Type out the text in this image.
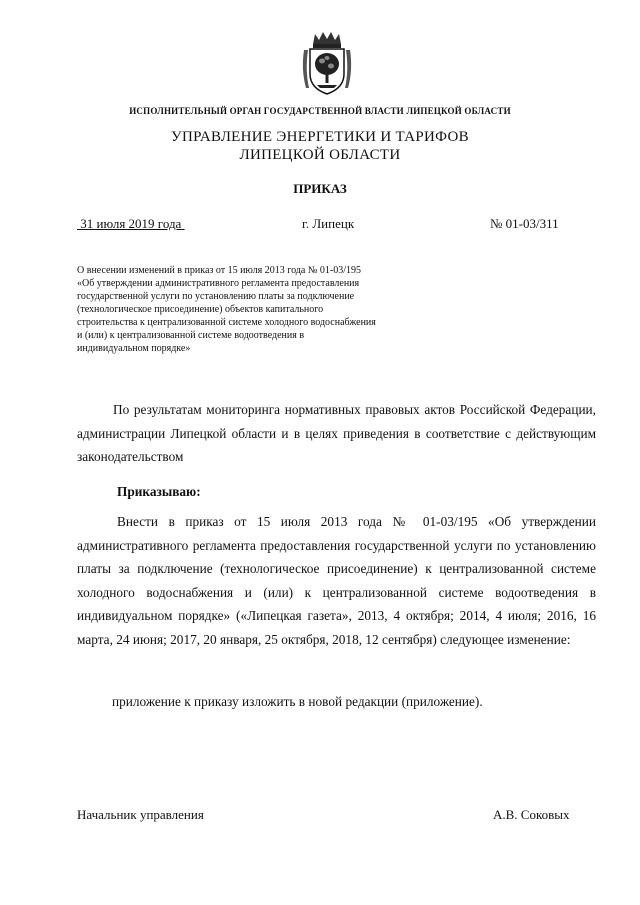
ИСПОЛНИТЕЛЬНЫЙ ОРГАН ГОСУДАРСТВЕННОЙ ВЛАСТИ ЛИПЕЦКОЙ ОБЛАСТИ
УПРАВЛЕНИЕ ЭНЕРГЕТИКИ И ТАРИФОВ
ЛИПЕЦКОЙ ОБЛАСТИ
ПРИКАЗ
31 июля 2019 года	г. Липецк	№ 01-03/311
О внесении изменений в приказ от 15 июля 2013 года № 01-03/195 «Об утверждении административного регламента предоставления государственной услуги по установлению платы за подключение (технологическое присоединение) объектов капитального строительства к централизованной системе холодного водоснабжения и (или) к централизованной системе водоотведения в индивидуальном порядке»
По результатам мониторинга нормативных правовых актов Российской Федерации, администрации Липецкой области и в целях приведения в соответствие с действующим законодательством
Приказываю:
Внести в приказ от 15 июля 2013 года № 01-03/195 «Об утверждении административного регламента предоставления государственной услуги по установлению платы за подключение (технологическое присоединение) к централизованной системе холодного водоснабжения и (или) к централизованной системе водоотведения в индивидуальном порядке» («Липецкая газета», 2013, 4 октября; 2014, 4 июля; 2016, 16 марта, 24 июня; 2017, 20 января, 25 октября, 2018, 12 сентября) следующее изменение:
приложение к приказу изложить в новой редакции (приложение).
Начальник управления	А.В. Соковых
